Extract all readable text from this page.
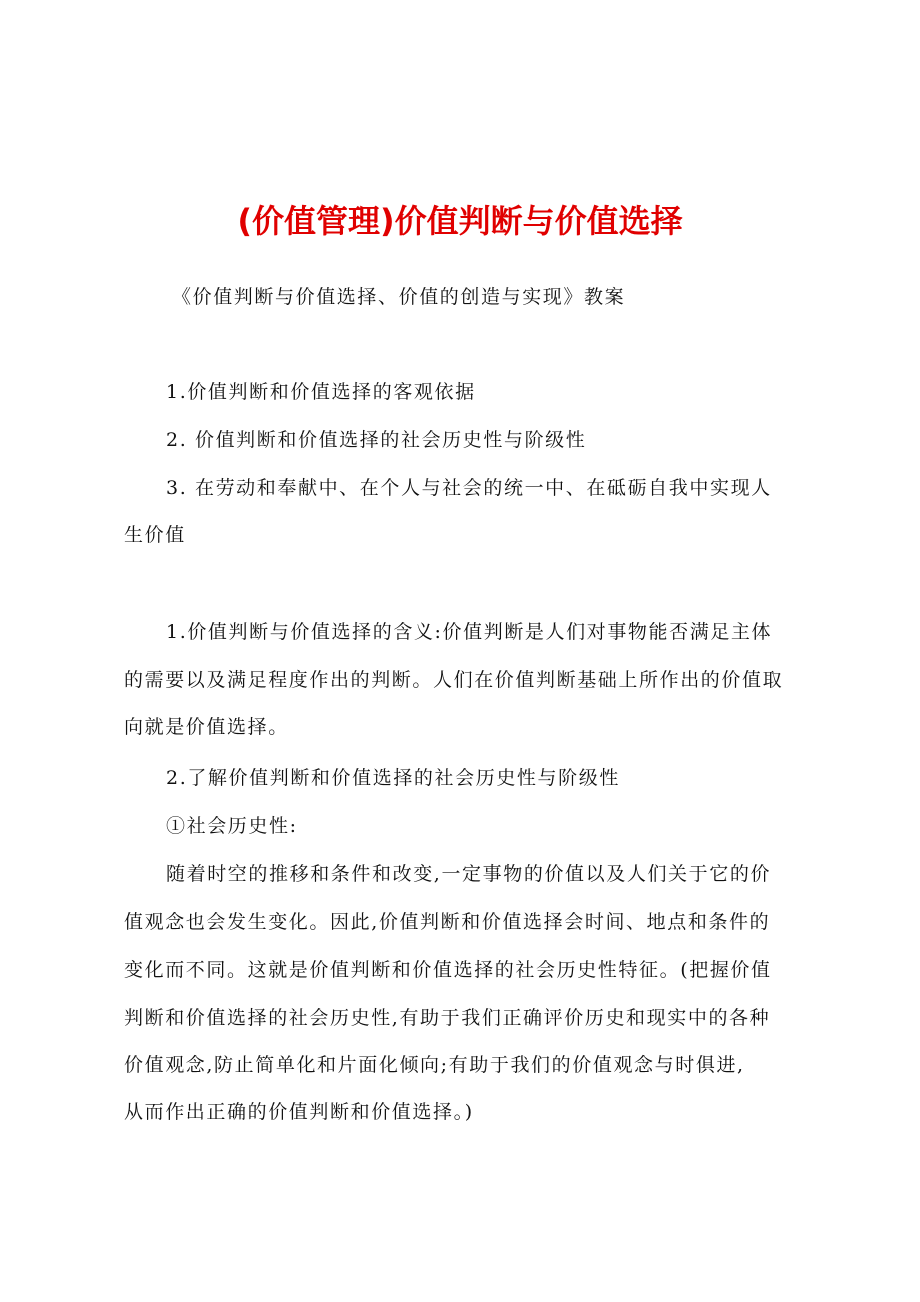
(价值管理)价值判断与价值选择
《价值判断与价值选择、价值的创造与实现》教案
1.价值判断和价值选择的客观依据
2. 价值判断和价值选择的社会历史性与阶级性
3. 在劳动和奉献中、在个人与社会的统一中、在砥砺自我中实现人
生价值
1.价值判断与价值选择的含义:价值判断是人们对事物能否满足主体
的需要以及满足程度作出的判断。人们在价值判断基础上所作出的价值取
向就是价值选择。
2.了解价值判断和价值选择的社会历史性与阶级性
①社会历史性:
随着时空的推移和条件和改变,一定事物的价值以及人们关于它的价
值观念也会发生变化。因此,价值判断和价值选择会时间、地点和条件的
变化而不同。这就是价值判断和价值选择的社会历史性特征。(把握价值
判断和价值选择的社会历史性,有助于我们正确评价历史和现实中的各种
价值观念,防止简单化和片面化倾向;有助于我们的价值观念与时俱进,
从而作出正确的价值判断和价值选择。)
